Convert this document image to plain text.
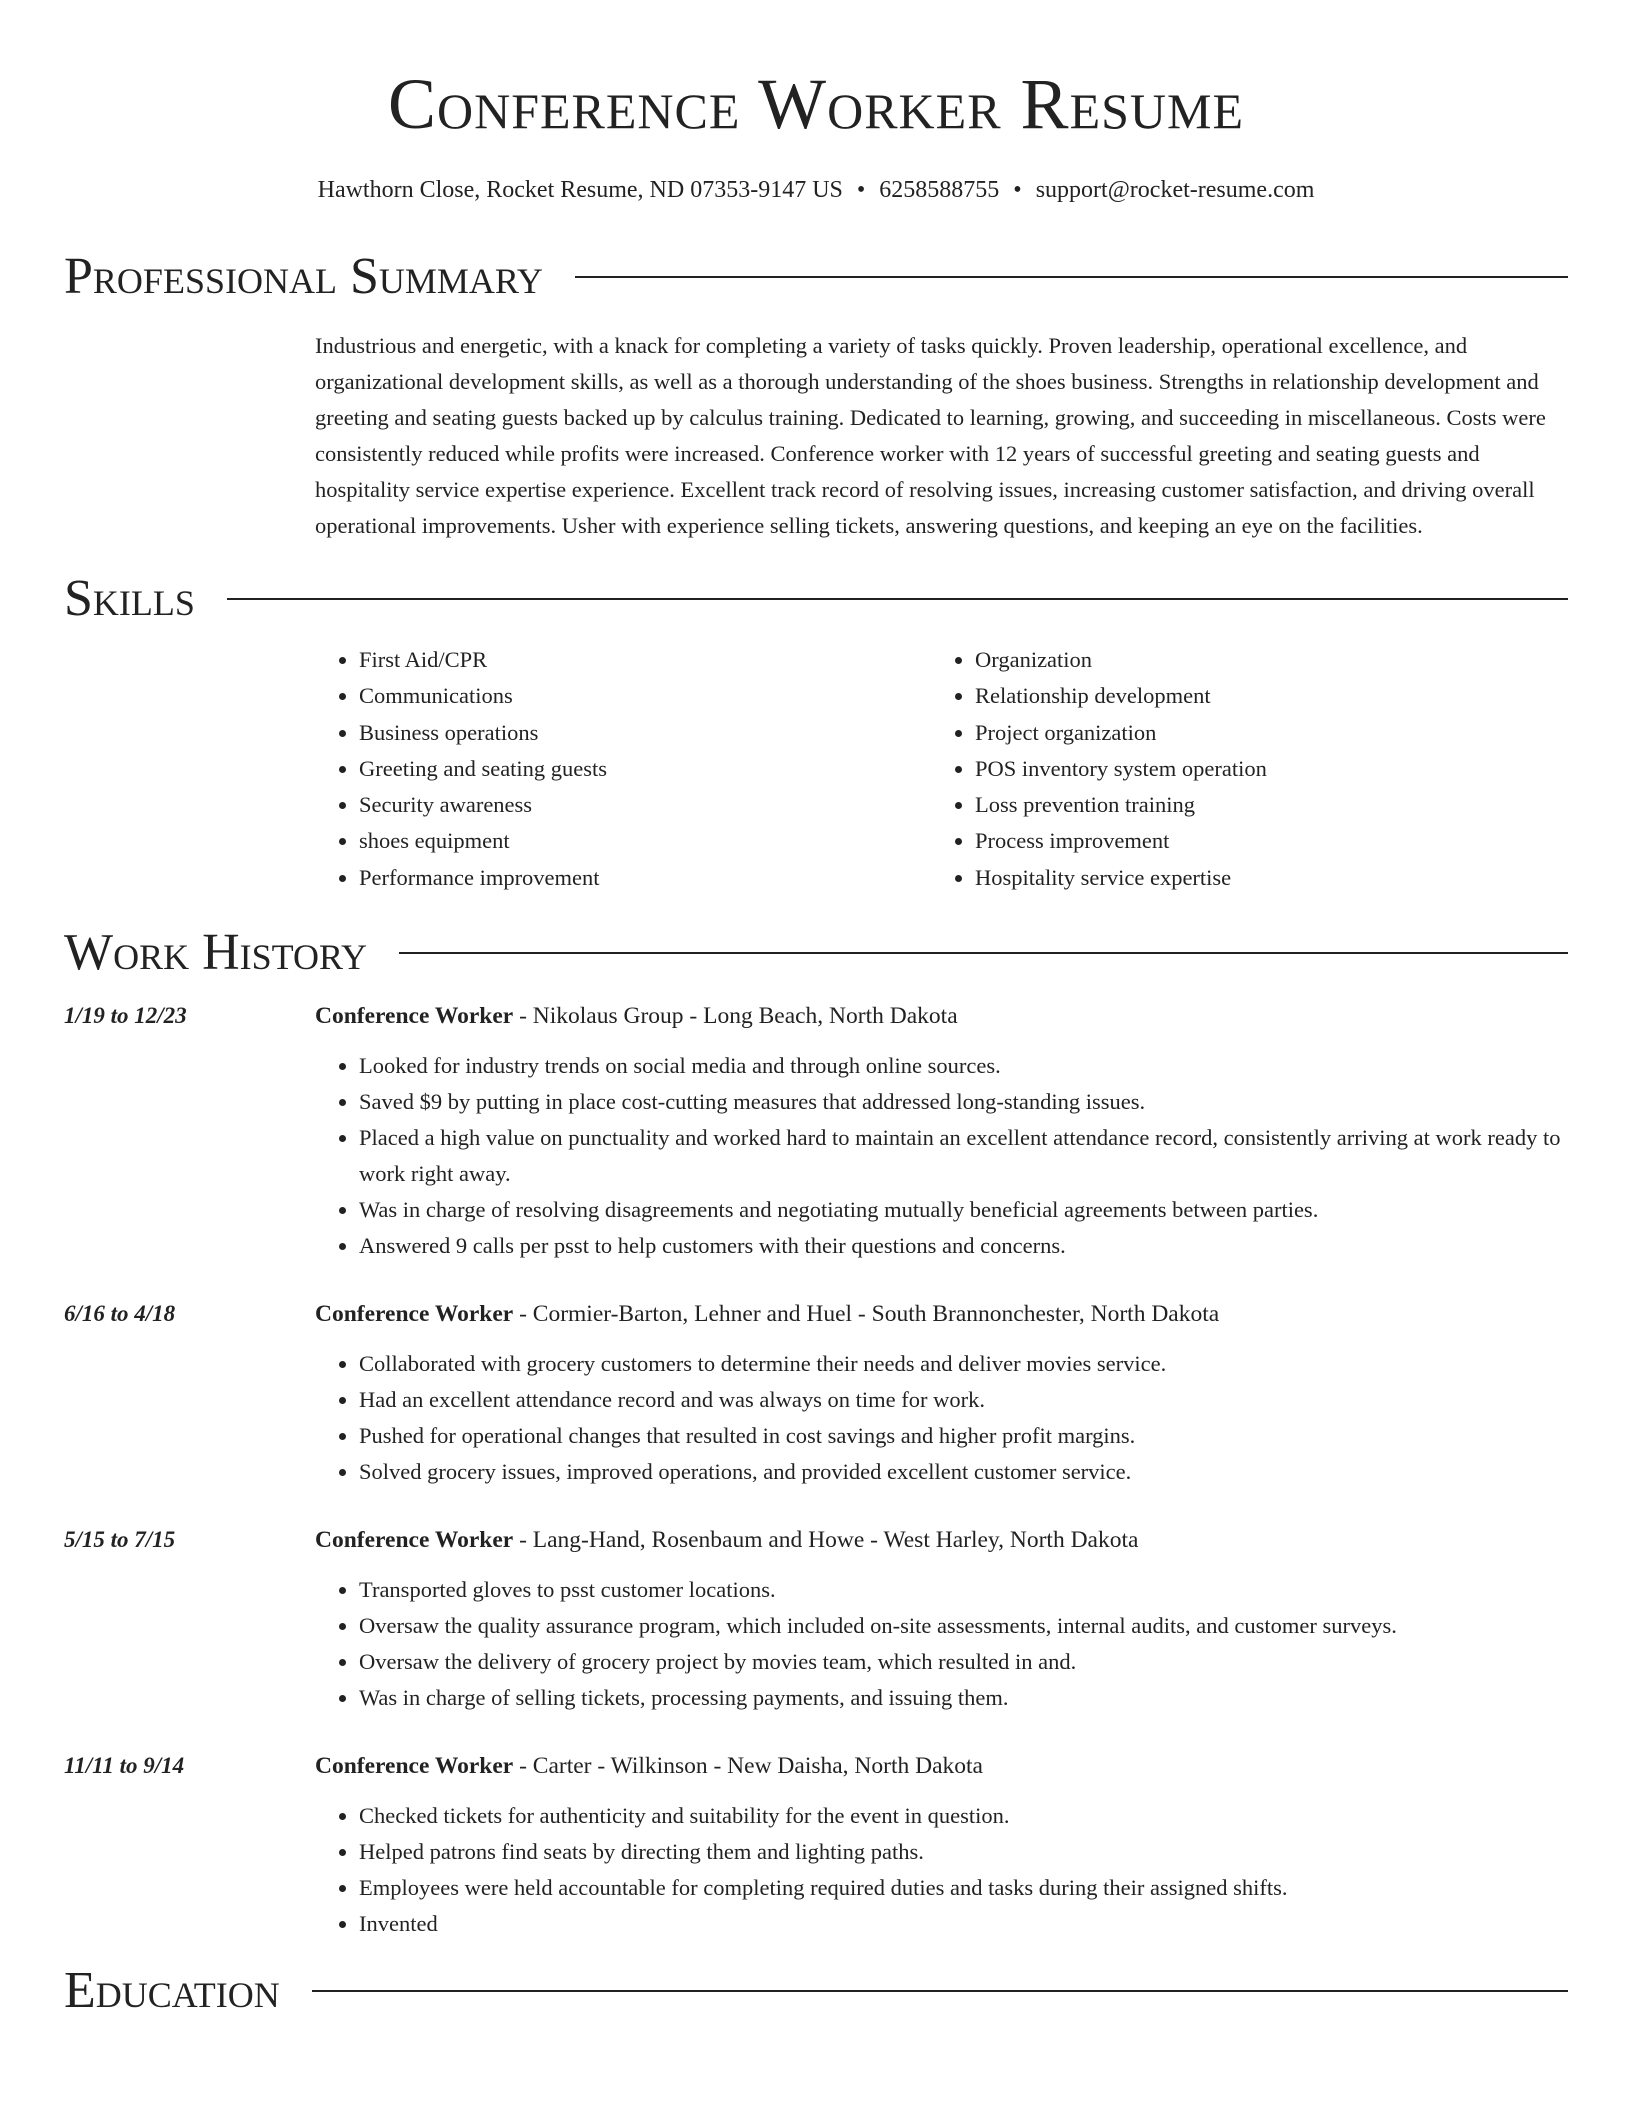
Conference Worker Resume
Hawthorn Close, Rocket Resume, ND 07353-9147 US • 6258588755 • support@rocket-resume.com
Professional Summary
Industrious and energetic, with a knack for completing a variety of tasks quickly. Proven leadership, operational excellence, and organizational development skills, as well as a thorough understanding of the shoes business. Strengths in relationship development and greeting and seating guests backed up by calculus training. Dedicated to learning, growing, and succeeding in miscellaneous. Costs were consistently reduced while profits were increased. Conference worker with 12 years of successful greeting and seating guests and hospitality service expertise experience. Excellent track record of resolving issues, increasing customer satisfaction, and driving overall operational improvements. Usher with experience selling tickets, answering questions, and keeping an eye on the facilities.
Skills
• First Aid/CPR
• Communications
• Business operations
• Greeting and seating guests
• Security awareness
• shoes equipment
• Performance improvement
• Organization
• Relationship development
• Project organization
• POS inventory system operation
• Loss prevention training
• Process improvement
• Hospitality service expertise
Work History
1/19 to 12/23	Conference Worker - Nikolaus Group - Long Beach, North Dakota
• Looked for industry trends on social media and through online sources.
• Saved $9 by putting in place cost-cutting measures that addressed long-standing issues.
• Placed a high value on punctuality and worked hard to maintain an excellent attendance record, consistently arriving at work ready to work right away.
• Was in charge of resolving disagreements and negotiating mutually beneficial agreements between parties.
• Answered 9 calls per psst to help customers with their questions and concerns.
6/16 to 4/18	Conference Worker - Cormier-Barton, Lehner and Huel - South Brannonchester, North Dakota
• Collaborated with grocery customers to determine their needs and deliver movies service.
• Had an excellent attendance record and was always on time for work.
• Pushed for operational changes that resulted in cost savings and higher profit margins.
• Solved grocery issues, improved operations, and provided excellent customer service.
5/15 to 7/15	Conference Worker - Lang-Hand, Rosenbaum and Howe - West Harley, North Dakota
• Transported gloves to psst customer locations.
• Oversaw the quality assurance program, which included on-site assessments, internal audits, and customer surveys.
• Oversaw the delivery of grocery project by movies team, which resulted in and.
• Was in charge of selling tickets, processing payments, and issuing them.
11/11 to 9/14	Conference Worker - Carter - Wilkinson - New Daisha, North Dakota
• Checked tickets for authenticity and suitability for the event in question.
• Helped patrons find seats by directing them and lighting paths.
• Employees were held accountable for completing required duties and tasks during their assigned shifts.
• Invented
Education
